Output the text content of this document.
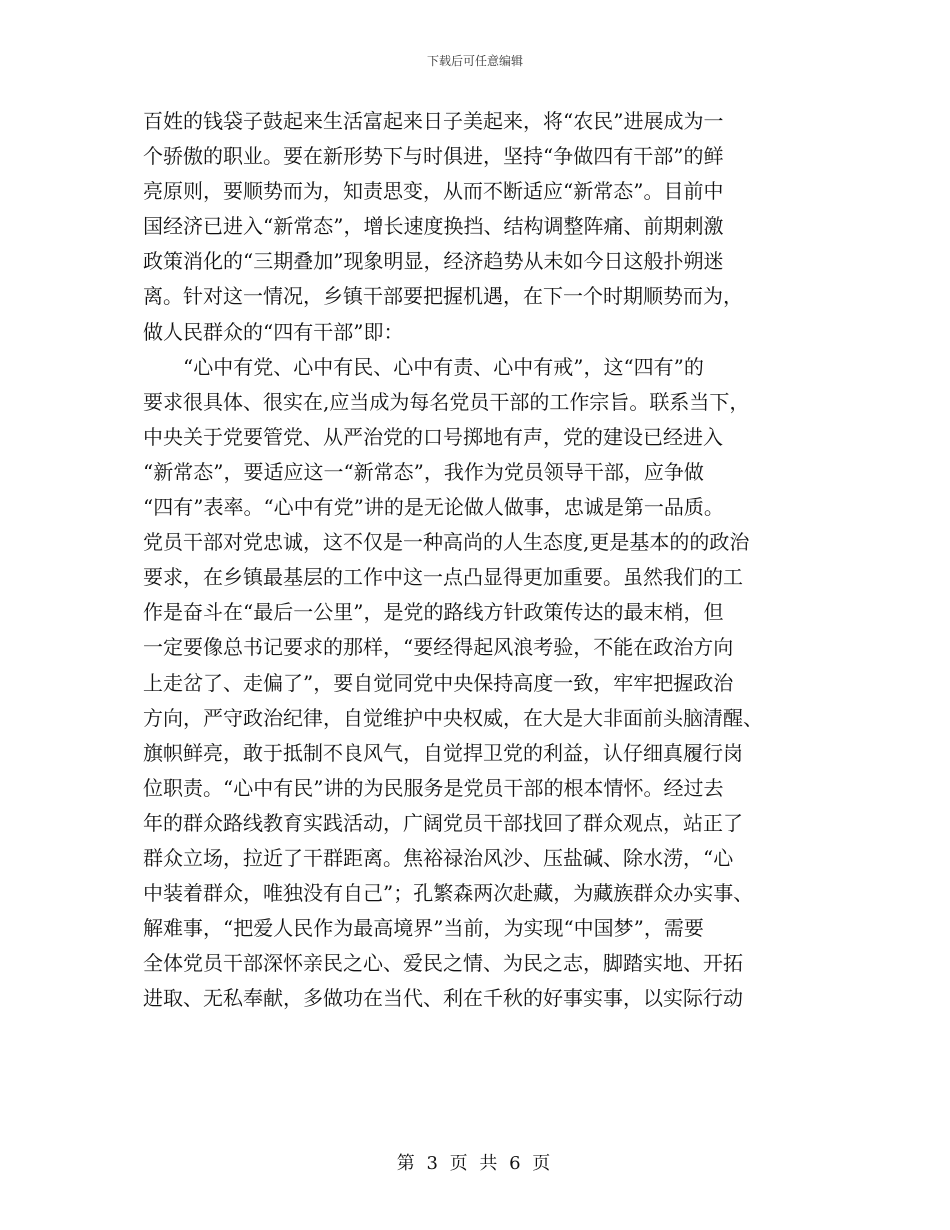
下载后可任意编辑
百姓的钱袋子鼓起来生活富起来日子美起来，将“农民”进展成为一
个骄傲的职业。要在新形势下与时俱进，坚持“争做四有干部”的鲜
亮原则，要顺势而为，知责思变，从而不断适应“新常态”。目前中
国经济已进入“新常态”，增长速度换挡、结构调整阵痛、前期刺激
政策消化的“三期叠加”现象明显，经济趋势从未如今日这般扑朔迷
离。针对这一情况，乡镇干部要把握机遇，在下一个时期顺势而为，
做人民群众的“四有干部”即：
“心中有党、心中有民、心中有责、心中有戒”，这“四有”的
要求很具体、很实在,应当成为每名党员干部的工作宗旨。联系当下，
中央关于党要管党、从严治党的口号掷地有声，党的建设已经进入
“新常态”，要适应这一“新常态”，我作为党员领导干部，应争做
“四有”表率。“心中有党”讲的是无论做人做事，忠诚是第一品质。
党员干部对党忠诚，这不仅是一种高尚的人生态度,更是基本的的政治
要求，在乡镇最基层的工作中这一点凸显得更加重要。虽然我们的工
作是奋斗在“最后一公里”，是党的路线方针政策传达的最末梢，但
一定要像总书记要求的那样，“要经得起风浪考验，不能在政治方向
上走岔了、走偏了”，要自觉同党中央保持高度一致，牢牢把握政治
方向，严守政治纪律，自觉维护中央权威，在大是大非面前头脑清醒、
旗帜鲜亮，敢于抵制不良风气，自觉捍卫党的利益，认仔细真履行岗
位职责。“心中有民”讲的为民服务是党员干部的根本情怀。经过去
年的群众路线教育实践活动，广阔党员干部找回了群众观点，站正了
群众立场，拉近了干群距离。焦裕禄治风沙、压盐碱、除水涝，“心
中装着群众，唯独没有自己”；孔繁森两次赴藏，为藏族群众办实事、
解难事，“把爱人民作为最高境界”当前，为实现“中国梦”，需要
全体党员干部深怀亲民之心、爱民之情、为民之志，脚踏实地、开拓
进取、无私奉献，多做功在当代、利在千秋的好事实事，以实际行动
第 3 页 共 6 页
